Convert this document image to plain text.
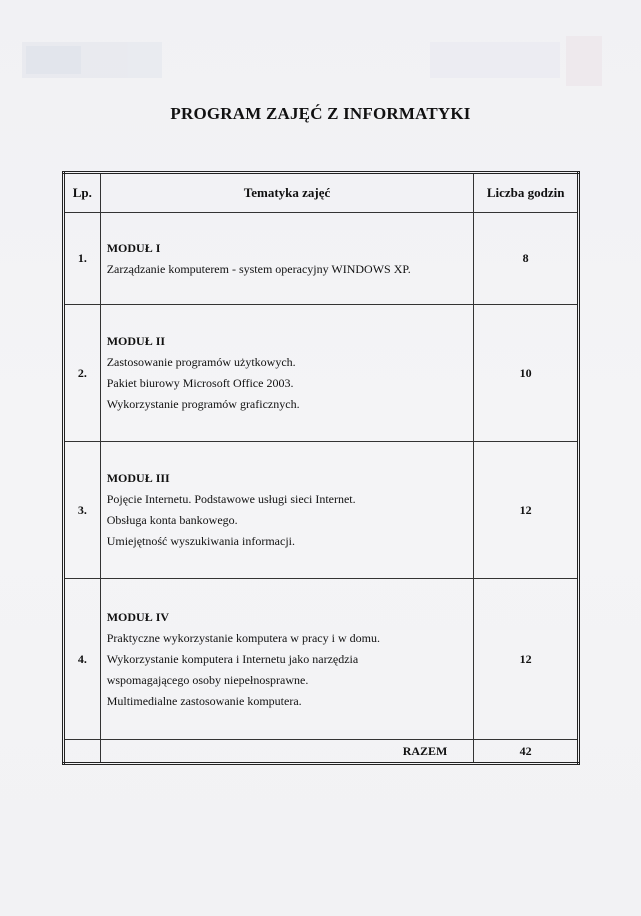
PROGRAM ZAJĘĆ Z INFORMATYKI
Lp.	Tematyka zajęć	Liczba godzin
1.	MODUŁ I
Zarządzanie komputerem - system operacyjny WINDOWS XP.	8
2.	MODUŁ II
Zastosowanie programów użytkowych.
Pakiet biurowy Microsoft Office 2003.
Wykorzystanie programów graficznych.	10
3.	MODUŁ III
Pojęcie Internetu. Podstawowe usługi sieci Internet.
Obsługa konta bankowego.
Umiejętność wyszukiwania informacji.	12
4.	MODUŁ IV
Praktyczne wykorzystanie komputera w pracy i w domu.
Wykorzystanie komputera i Internetu jako narzędzia
wspomagającego osoby niepełnosprawne.
Multimedialne zastosowanie komputera.	12
	RAZEM	42
